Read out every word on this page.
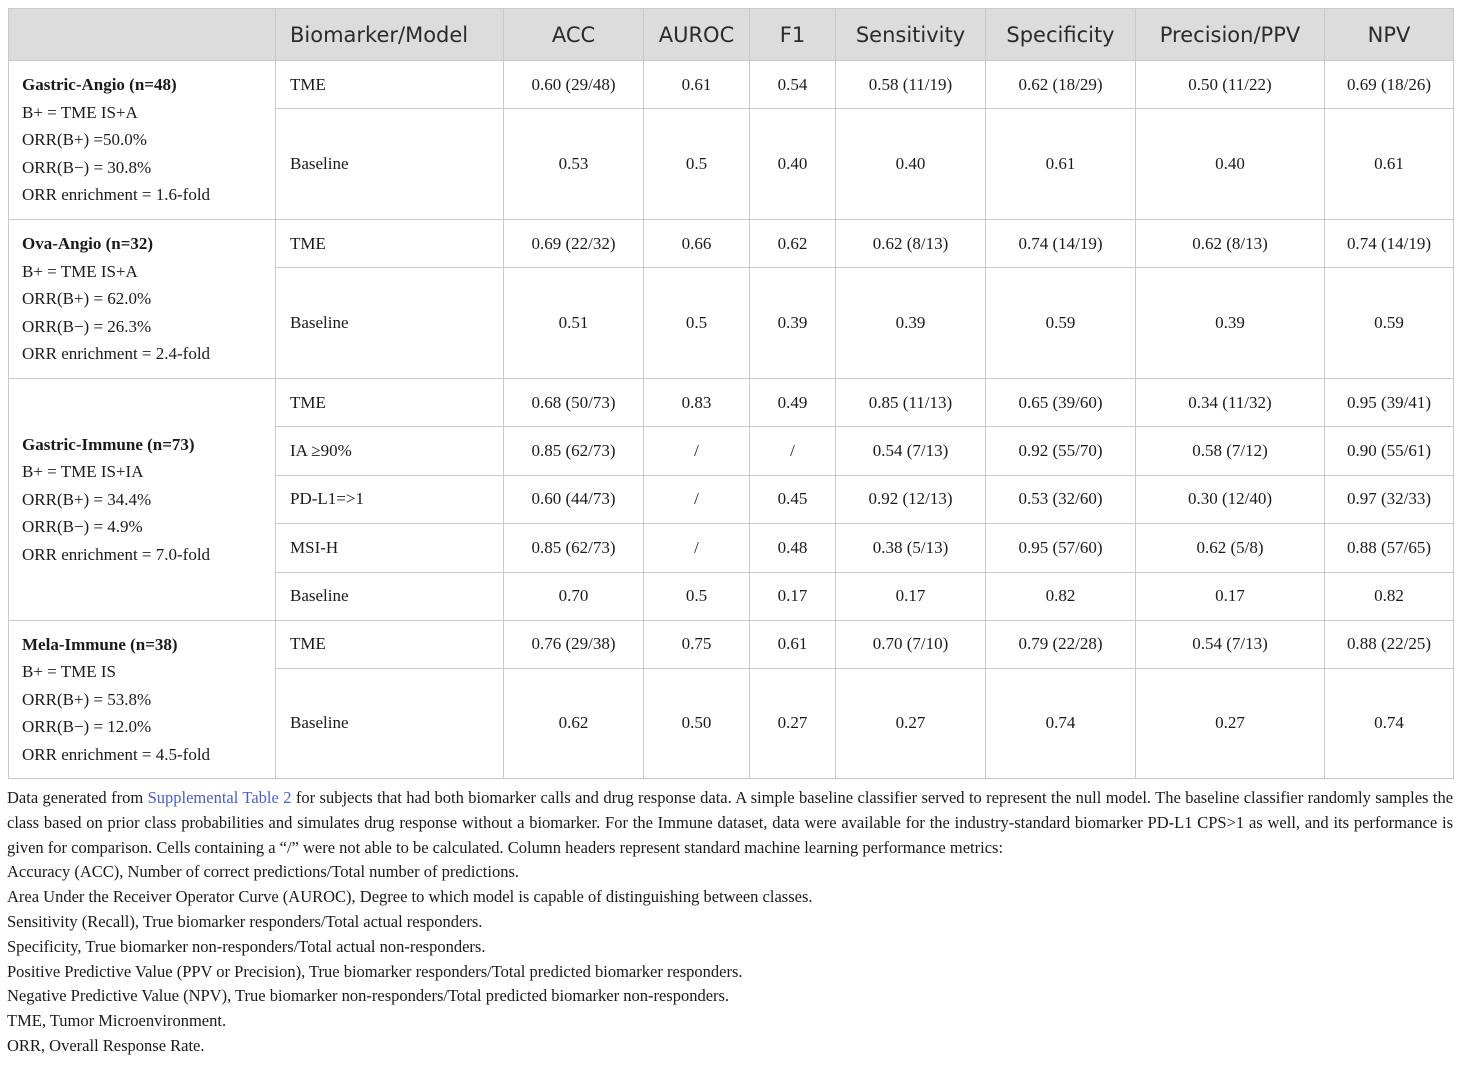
	Biomarker/Model	ACC	AUROC	F1	Sensitivity	Specificity	Precision/PPV	NPV

Gastric-Angio (n=48)
B+ = TME IS+A
ORR(B+) =50.0%
ORR(B−) = 30.8%
ORR enrichment = 1.6-fold	TME	0.60 (29/48)	0.61	0.54	0.58 (11/19)	0.62 (18/29)	0.50 (11/22)	0.69 (18/26)
	Baseline	0.53	0.5	0.40	0.40	0.61	0.40	0.61

Ova-Angio (n=32)
B+ = TME IS+A
ORR(B+) = 62.0%
ORR(B−) = 26.3%
ORR enrichment = 2.4-fold	TME	0.69 (22/32)	0.66	0.62	0.62 (8/13)	0.74 (14/19)	0.62 (8/13)	0.74 (14/19)
	Baseline	0.51	0.5	0.39	0.39	0.59	0.39	0.59

Gastric-Immune (n=73)
B+ = TME IS+IA
ORR(B+) = 34.4%
ORR(B−) = 4.9%
ORR enrichment = 7.0-fold	TME	0.68 (50/73)	0.83	0.49	0.85 (11/13)	0.65 (39/60)	0.34 (11/32)	0.95 (39/41)
	IA ≥90%	0.85 (62/73)	/	/	0.54 (7/13)	0.92 (55/70)	0.58 (7/12)	0.90 (55/61)
	PD-L1=>1	0.60 (44/73)	/	0.45	0.92 (12/13)	0.53 (32/60)	0.30 (12/40)	0.97 (32/33)
	MSI-H	0.85 (62/73)	/	0.48	0.38 (5/13)	0.95 (57/60)	0.62 (5/8)	0.88 (57/65)
	Baseline	0.70	0.5	0.17	0.17	0.82	0.17	0.82

Mela-Immune (n=38)
B+ = TME IS
ORR(B+) = 53.8%
ORR(B−) = 12.0%
ORR enrichment = 4.5-fold	TME	0.76 (29/38)	0.75	0.61	0.70 (7/10)	0.79 (22/28)	0.54 (7/13)	0.88 (22/25)
	Baseline	0.62	0.50	0.27	0.27	0.74	0.27	0.74

Data generated from Supplemental Table 2 for subjects that had both biomarker calls and drug response data. A simple baseline classifier served to represent the null model. The baseline classifier randomly samples the class based on prior class probabilities and simulates drug response without a biomarker. For the Immune dataset, data were available for the industry-standard biomarker PD-L1 CPS>1 as well, and its performance is given for comparison. Cells containing a “/” were not able to be calculated. Column headers represent standard machine learning performance metrics:

Accuracy (ACC), Number of correct predictions/Total number of predictions.

Area Under the Receiver Operator Curve (AUROC), Degree to which model is capable of distinguishing between classes.

Sensitivity (Recall), True biomarker responders/Total actual responders.

Specificity, True biomarker non-responders/Total actual non-responders.

Positive Predictive Value (PPV or Precision), True biomarker responders/Total predicted biomarker responders.

Negative Predictive Value (NPV), True biomarker non-responders/Total predicted biomarker non-responders.

TME, Tumor Microenvironment.

ORR, Overall Response Rate.
